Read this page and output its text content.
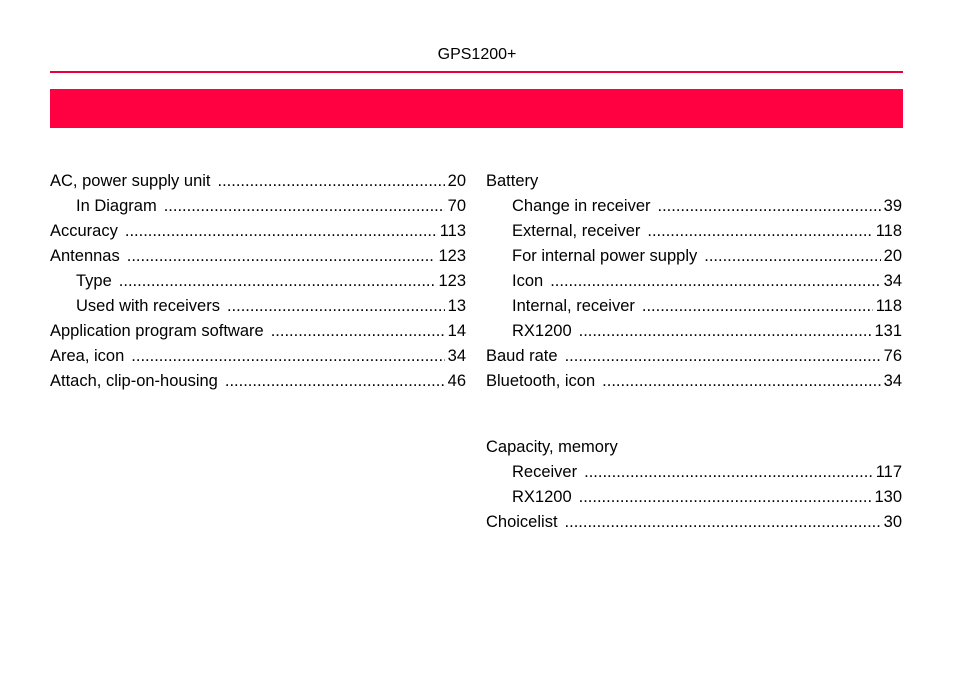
GPS1200+
AC, power supply unit .....	20
In Diagram .....	70
Accuracy .....	113
Antennas .....	123
Type .....	123
Used with receivers .....	13
Application program software .....	14
Area, icon .....	34
Attach, clip-on-housing .....	46
Battery
Change in receiver .....	39
External, receiver .....	118
For internal power supply .....	20
Icon .....	34
Internal, receiver .....	118
RX1200 .....	131
Baud rate .....	76
Bluetooth, icon .....	34
Capacity, memory
Receiver .....	117
RX1200 .....	130
Choicelist .....	30
